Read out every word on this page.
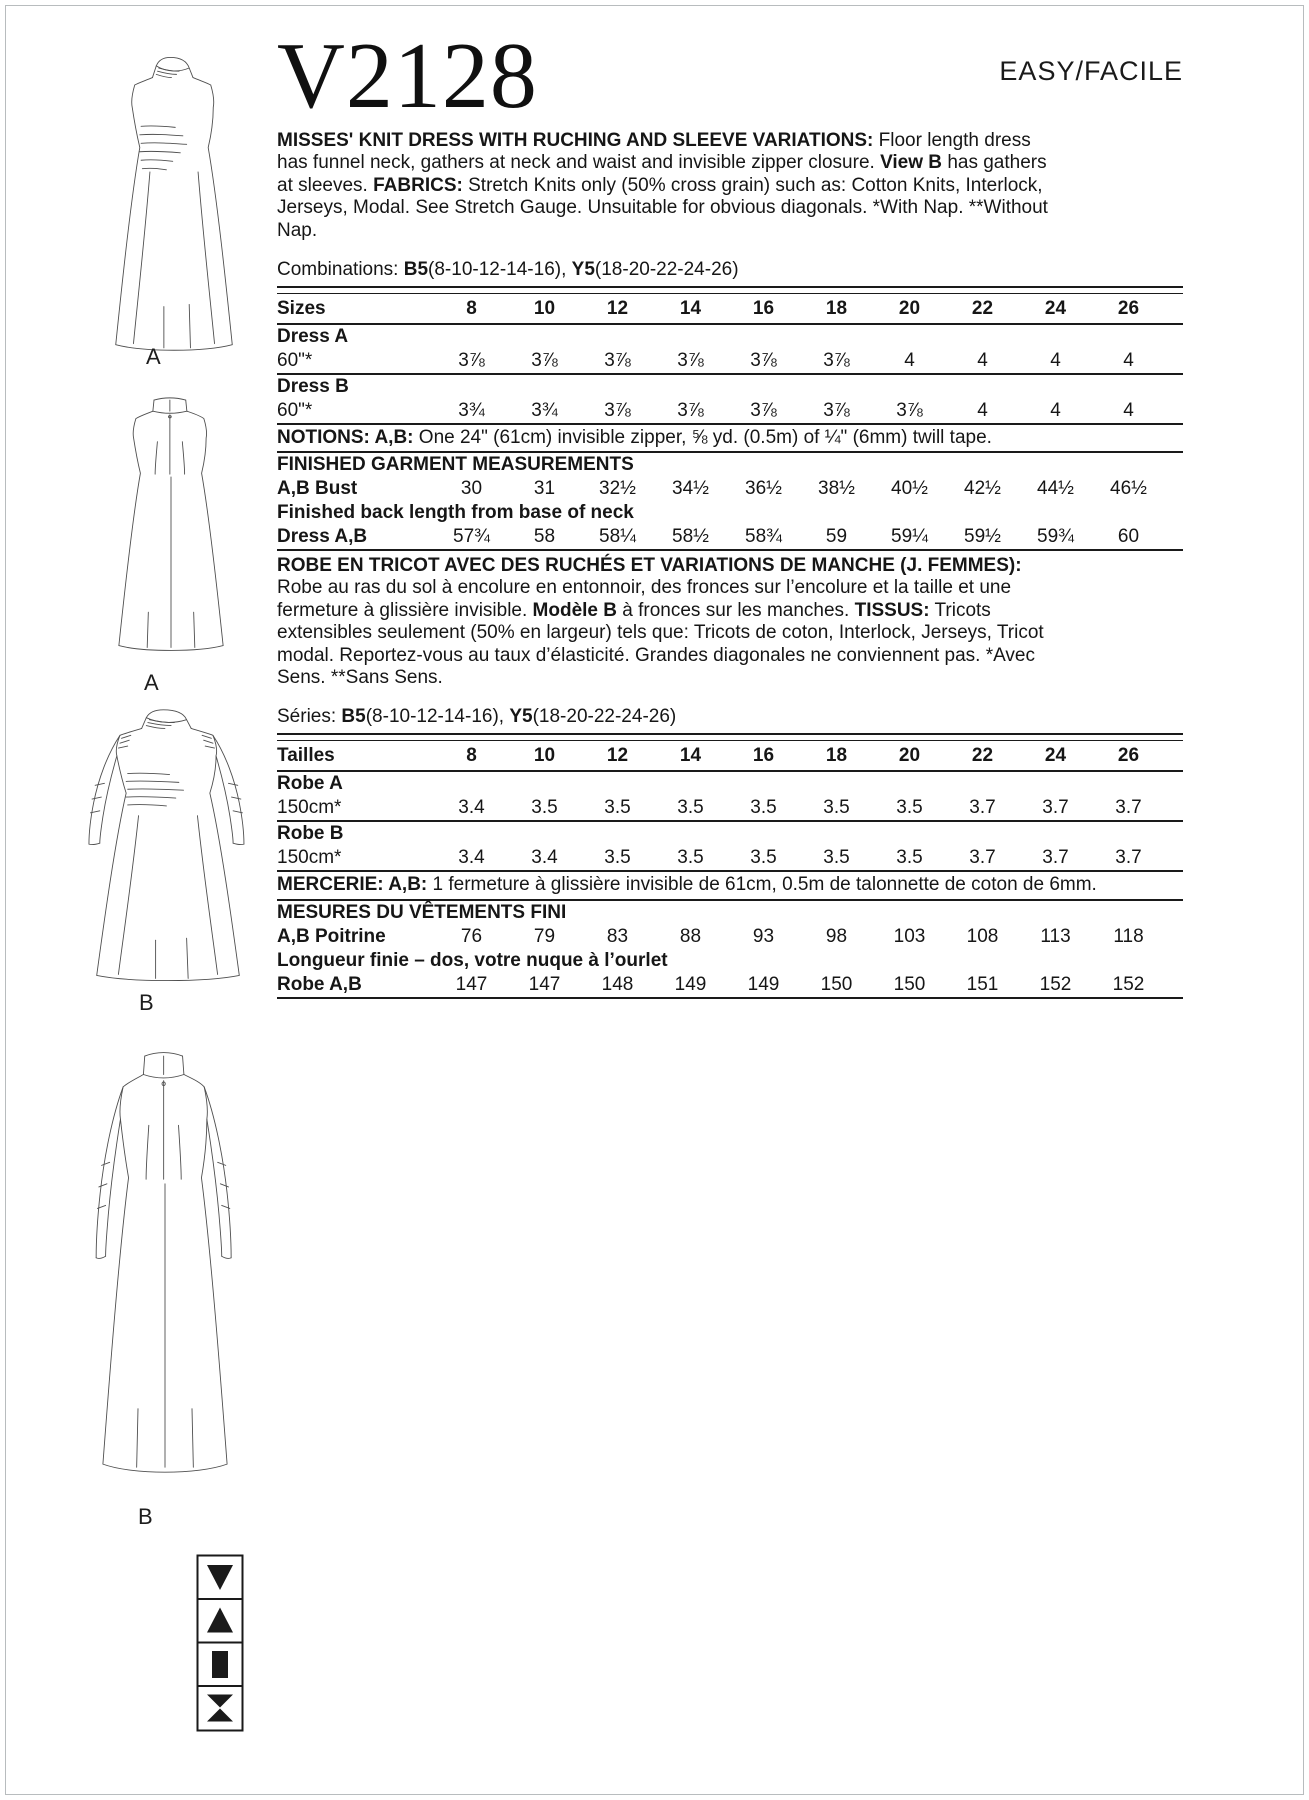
A
A
B
B
V2128	EASY/FACILE

MISSES' KNIT DRESS WITH RUCHING AND SLEEVE VARIATIONS: Floor length dress has funnel neck, gathers at neck and waist and invisible zipper closure. View B has gathers at sleeves. FABRICS: Stretch Knits only (50% cross grain) such as: Cotton Knits, Interlock, Jerseys, Modal. See Stretch Gauge. Unsuitable for obvious diagonals. *With Nap. **Without Nap.

Combinations: B5(8-10-12-14-16), Y5(18-20-22-24-26)
Sizes	8	10	12	14	16	18	20	22	24	26
Dress A
60"*	3⅞	3⅞	3⅞	3⅞	3⅞	3⅞	4	4	4	4
Dress B
60"*	3¾	3¾	3⅞	3⅞	3⅞	3⅞	3⅞	4	4	4
NOTIONS: A,B: One 24" (61cm) invisible zipper, ⅝ yd. (0.5m) of ¼" (6mm) twill tape.
FINISHED GARMENT MEASUREMENTS
A,B Bust	30	31	32½	34½	36½	38½	40½	42½	44½	46½
Finished back length from base of neck
Dress A,B	57¾	58	58¼	58½	58¾	59	59¼	59½	59¾	60

ROBE EN TRICOT AVEC DES RUCHÉS ET VARIATIONS DE MANCHE (J. FEMMES): Robe au ras du sol à encolure en entonnoir, des fronces sur l’encolure et la taille et une fermeture à glissière invisible. Modèle B à fronces sur les manches. TISSUS: Tricots extensibles seulement (50% en largeur) tels que: Tricots de coton, Interlock, Jerseys, Tricot modal. Reportez-vous au taux d’élasticité. Grandes diagonales ne conviennent pas. *Avec Sens. **Sans Sens.

Séries: B5(8-10-12-14-16), Y5(18-20-22-24-26)
Tailles	8	10	12	14	16	18	20	22	24	26
Robe A
150cm*	3.4	3.5	3.5	3.5	3.5	3.5	3.5	3.7	3.7	3.7
Robe B
150cm*	3.4	3.4	3.5	3.5	3.5	3.5	3.5	3.7	3.7	3.7
MERCERIE: A,B: 1 fermeture à glissière invisible de 61cm, 0.5m de talonnette de coton de 6mm.
MESURES DU VÊTEMENTS FINI
A,B Poitrine	76	79	83	88	93	98	103	108	113	118
Longueur finie – dos, votre nuque à l’ourlet
Robe A,B	147	147	148	149	149	150	150	151	152	152
